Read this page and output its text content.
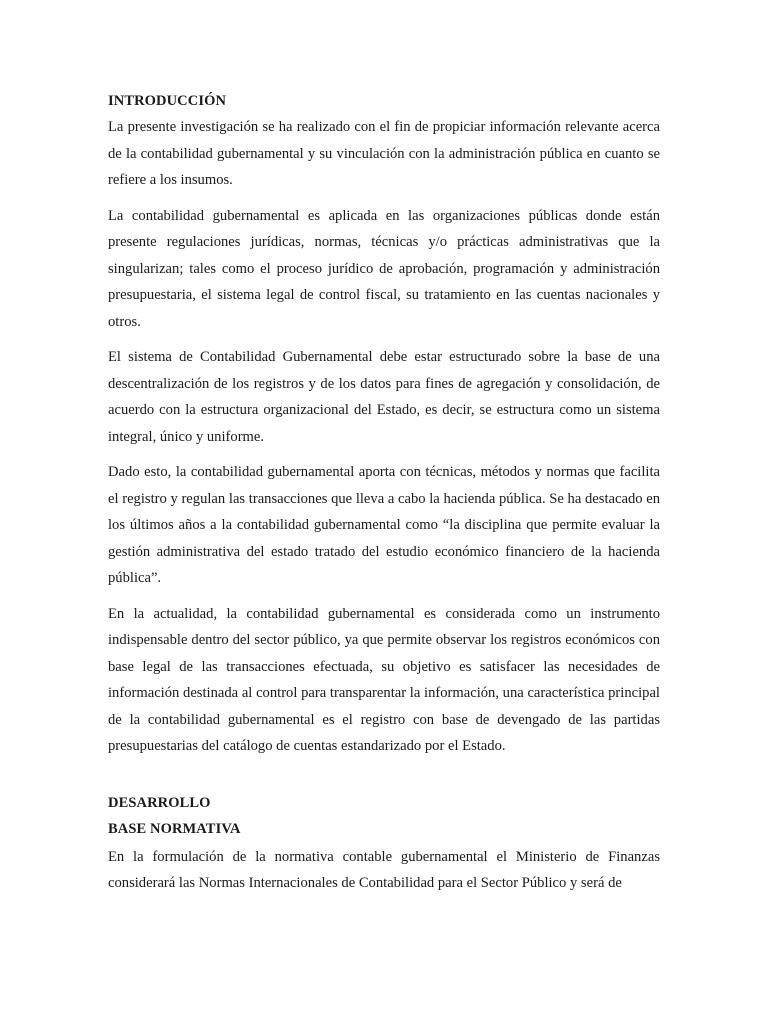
INTRODUCCIÓN

La presente investigación se ha realizado con el fin de propiciar información relevante acerca de la contabilidad gubernamental y su vinculación con la administración pública en cuanto se refiere a los insumos.

La contabilidad gubernamental es aplicada en las organizaciones públicas donde están presente regulaciones jurídicas, normas, técnicas y/o prácticas administrativas que la singularizan; tales como el proceso jurídico de aprobación, programación y administración presupuestaria, el sistema legal de control fiscal, su tratamiento en las cuentas nacionales y otros.

El sistema de Contabilidad Gubernamental debe estar estructurado sobre la base de una descentralización de los registros y de los datos para fines de agregación y consolidación, de acuerdo con la estructura organizacional del Estado, es decir, se estructura como un sistema integral, único y uniforme.

Dado esto, la contabilidad gubernamental aporta con técnicas, métodos y normas que facilita el registro y regulan las transacciones que lleva a cabo la hacienda pública. Se ha destacado en los últimos años a la contabilidad gubernamental como “la disciplina que permite evaluar la gestión administrativa del estado tratado del estudio económico financiero de la hacienda pública”.

En la actualidad, la contabilidad gubernamental es considerada como un instrumento indispensable dentro del sector público, ya que permite observar los registros económicos con base legal de las transacciones efectuada, su objetivo es satisfacer las necesidades de información destinada al control para transparentar la información, una característica principal de la contabilidad gubernamental es el registro con base de devengado de las partidas presupuestarias del catálogo de cuentas estandarizado por el Estado.

DESARROLLO
BASE NORMATIVA

En la formulación de la normativa contable gubernamental el Ministerio de Finanzas considerará las Normas Internacionales de Contabilidad para el Sector Público y será de
